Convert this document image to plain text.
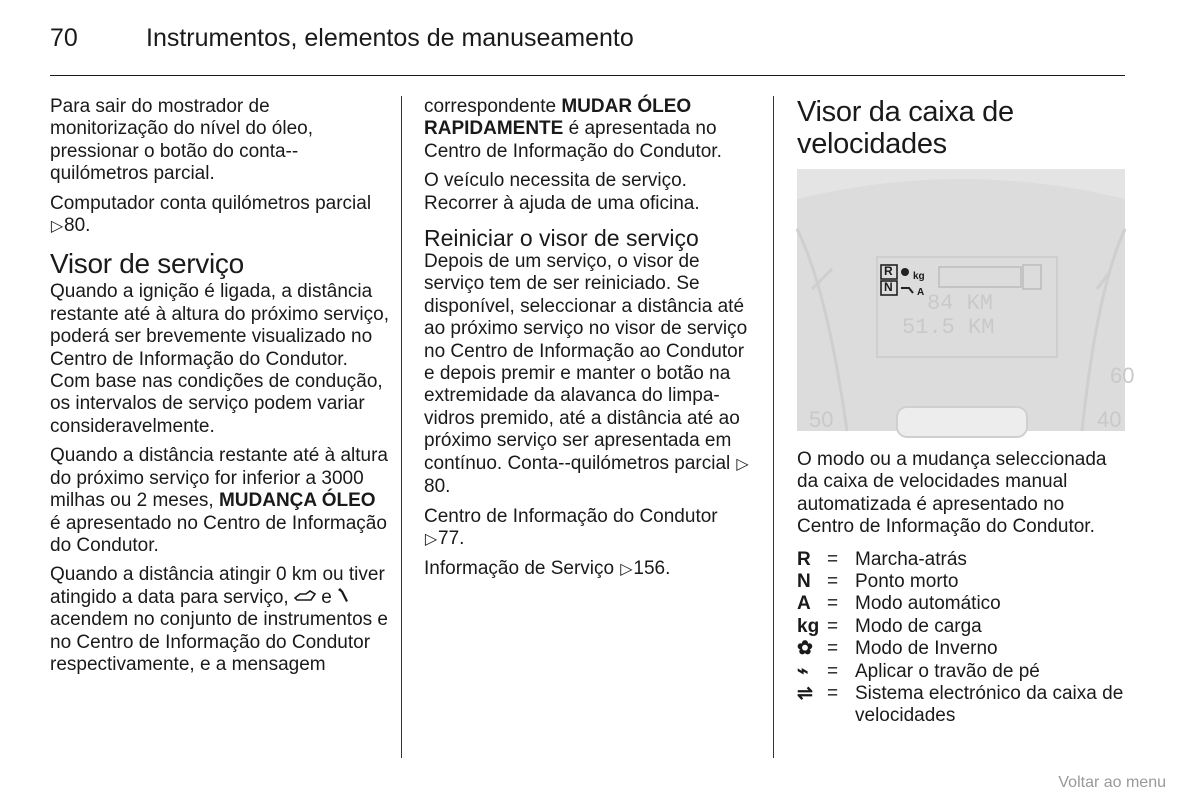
70	Instrumentos, elementos de manuseamento

Para sair do mostrador de monitorização do nível do óleo, pressionar o botão do conta--quilómetros parcial.

Computador conta quilómetros parcial ▷80.

Visor de serviço

Quando a ignição é ligada, a distância restante até à altura do próximo serviço, poderá ser brevemente visualizado no Centro de Informação do Condutor. Com base nas condições de condução, os intervalos de serviço podem variar consideravelmente.

Quando a distância restante até à altura do próximo serviço for inferior a 3000 milhas ou 2 meses, MUDANÇA ÓLEO é apresentado no Centro de Informação do Condutor.

Quando a distância atingir 0 km ou tiver atingido a data para serviço, e  acendem no conjunto de instrumentos e no Centro de Informação do Condutor respectivamente, e a mensagem

correspondente MUDAR ÓLEO RAPIDAMENTE é apresentada no Centro de Informação do Condutor.

O veículo necessita de serviço. Recorrer à ajuda de uma oficina.

Reiniciar o visor de serviço

Depois de um serviço, o visor de serviço tem de ser reiniciado. Se disponível, seleccionar a distância até ao próximo serviço no visor de serviço no Centro de Informação ao Condutor e depois premir e manter o botão na extremidade da alavanca do limpa-vidros premido, até a distância até ao próximo serviço ser apresentada em contínuo. Conta--quilómetros parcial ▷80.

Centro de Informação do Condutor
▷77.

Informação de Serviço ▷156.

Visor da caixa de velocidades
R
N
kg
A 84 KM
51.5 KM
50	40
60

O modo ou a mudança seleccionada da caixa de velocidades manual automatizada é apresentado no Centro de Informação do Condutor.

R = Marcha-atrás
N = Ponto morto
A = Modo automático
kg = Modo de carga
✿ = Modo de Inverno
⌁ = Aplicar o travão de pé
⇌ = Sistema electrónico da caixa de velocidades
Voltar ao menu
